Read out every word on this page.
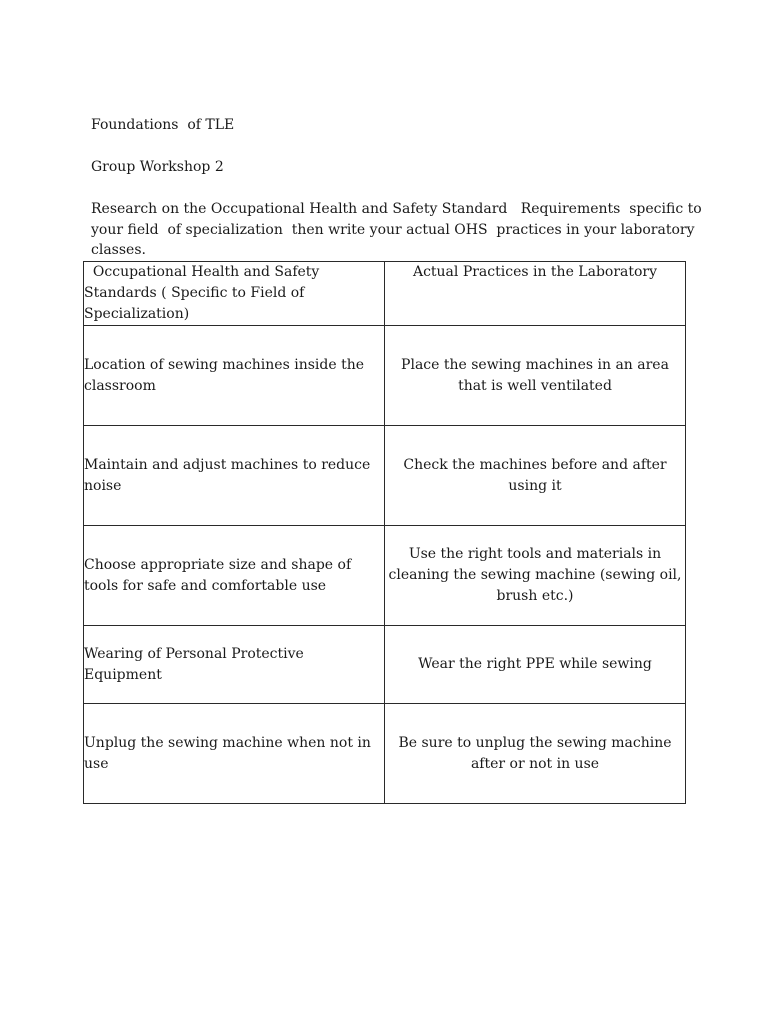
Foundations  of TLE
Group Workshop 2
Research on the Occupational Health and Safety Standard   Requirements  specific to
your field  of specialization  then write your actual OHS  practices in your laboratory
classes.
Occupational Health and Safety Standards ( Specific to Field of Specialization)	Actual Practices in the Laboratory
Location of sewing machines inside the classroom	Place the sewing machines in an area that is well ventilated
Maintain and adjust machines to reduce noise	Check the machines before and after using it
Choose appropriate size and shape of tools for safe and comfortable use	Use the right tools and materials in cleaning the sewing machine (sewing oil, brush etc.)
Wearing of Personal Protective Equipment	Wear the right PPE while sewing
Unplug the sewing machine when not in use	Be sure to unplug the sewing machine after or not in use
